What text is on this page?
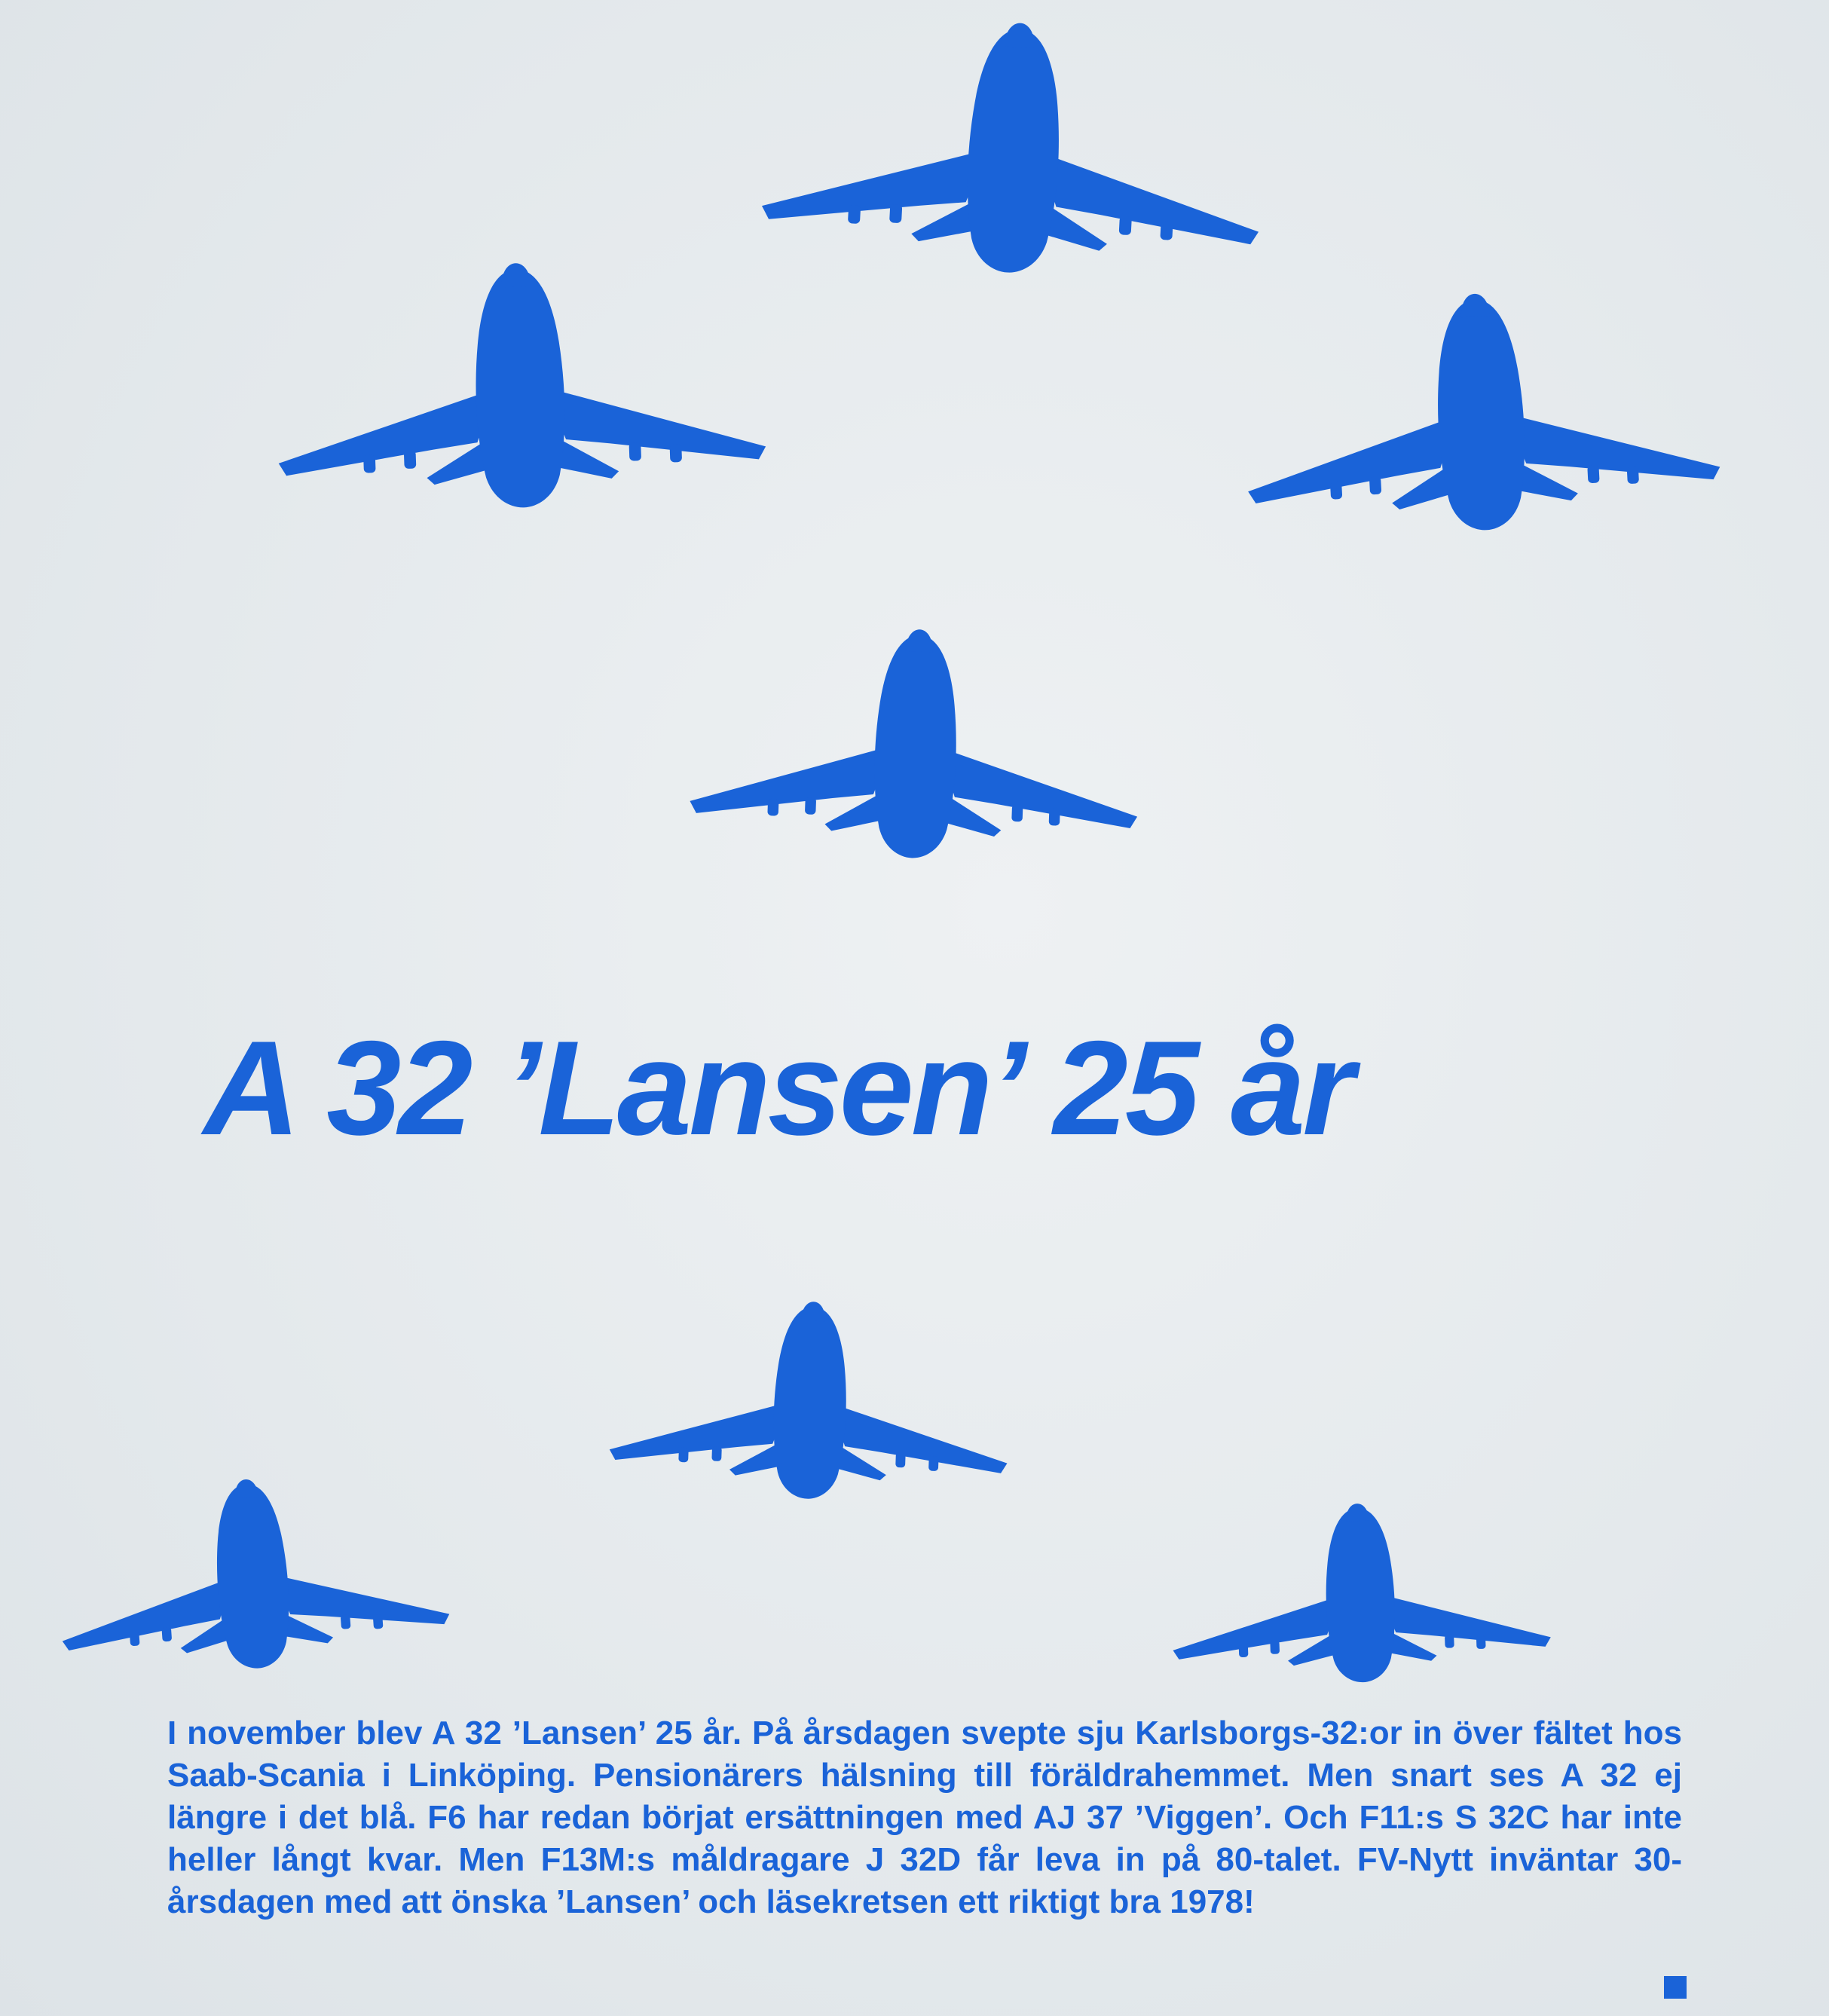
A 32 ’Lansen’ 25 år

I november blev A 32 ’Lansen’ 25 år. På årsdagen svepte sju Karlsborgs-32:or in över fältet hos Saab-Scania i Linköping. Pensionärers hälsning till föräldrahemmet. Men snart ses A 32 ej längre i det blå. F6 har redan börjat ersättningen med AJ 37 ’Viggen’. Och F11:s S 32C har inte heller långt kvar. Men F13M:s måldragare J 32D får leva in på 80-talet. FV-Nytt inväntar 30-årsdagen med att önska ’Lansen’ och läsekretsen ett riktigt bra 1978!
